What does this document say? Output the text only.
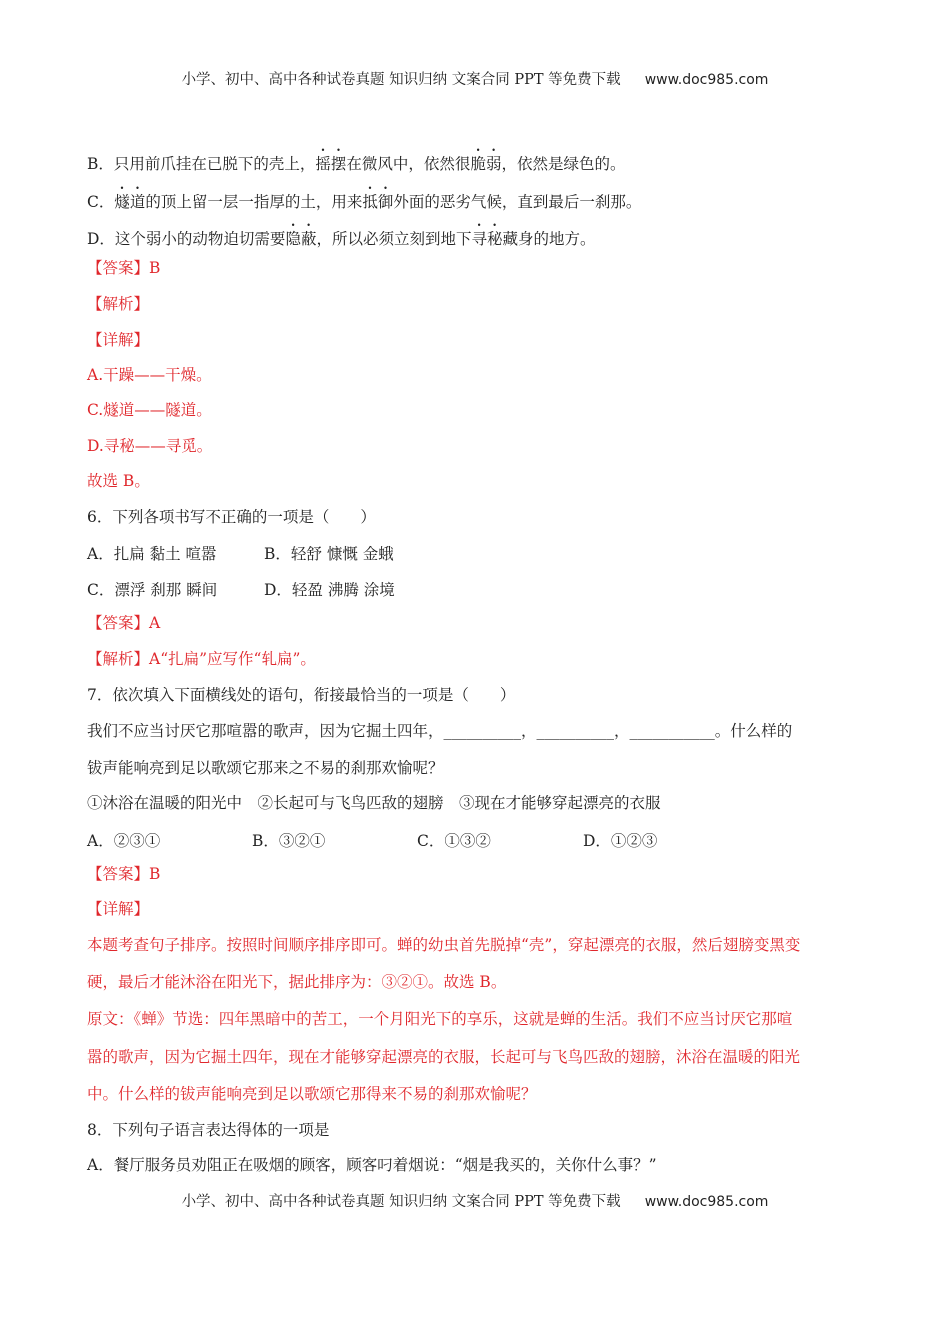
小学、初中、高中各种试卷真题 知识归纳 文案合同 PPT 等免费下载 www.doc985.com
B．只用前爪挂在已脱下的壳上，摇摆在微风中，依然很脆弱，依然是绿色的。
C．燧道的顶上留一层一指厚的土，用来抵御外面的恶劣气候，直到最后一刹那。
D．这个弱小的动物迫切需要隐蔽，所以必须立刻到地下寻秘藏身的地方。
【答案】B
【解析】
【详解】
A.干躁——干燥。
C.燧道——隧道。
D.寻秘——寻觅。
故选 B。
6．下列各项书写不正确的一项是（　　）
【答案】A
【解析】A“扎扁”应写作“轧扁”。
7．依次填入下面横线处的语句，衔接最恰当的一项是（　　）
我们不应当讨厌它那喧嚣的歌声，因为它掘土四年，__________，__________，___________。什么样的
钹声能响亮到足以歌颂它那来之不易的刹那欢愉呢？
①沐浴在温暖的阳光中　②长起可与飞鸟匹敌的翅膀　③现在才能够穿起漂亮的衣服
【答案】B
【详解】
本题考查句子排序。按照时间顺序排序即可。蝉的幼虫首先脱掉“壳”，穿起漂亮的衣服，然后翅膀变黑变
硬，最后才能沐浴在阳光下，据此排序为：③②①。故选 B。
原文：《蝉》节选：四年黑暗中的苦工，一个月阳光下的享乐，这就是蝉的生活。我们不应当讨厌它那喧
嚣的歌声，因为它掘土四年，现在才能够穿起漂亮的衣服，长起可与飞鸟匹敌的翅膀，沐浴在温暖的阳光
中。什么样的钹声能响亮到足以歌颂它那得来不易的刹那欢愉呢？
8．下列句子语言表达得体的一项是
A．餐厅服务员劝阻正在吸烟的顾客，顾客叼着烟说：“烟是我买的，关你什么事？”
A．扎扁 黏土 喧嚣	B．轻舒 慷慨 金蛾
C．漂浮 刹那 瞬间	D．轻盈 沸腾 涂境
A．②③①	B．③②①	C．①③②	D．①②③
小学、初中、高中各种试卷真题 知识归纳 文案合同 PPT 等免费下载 www.doc985.com
